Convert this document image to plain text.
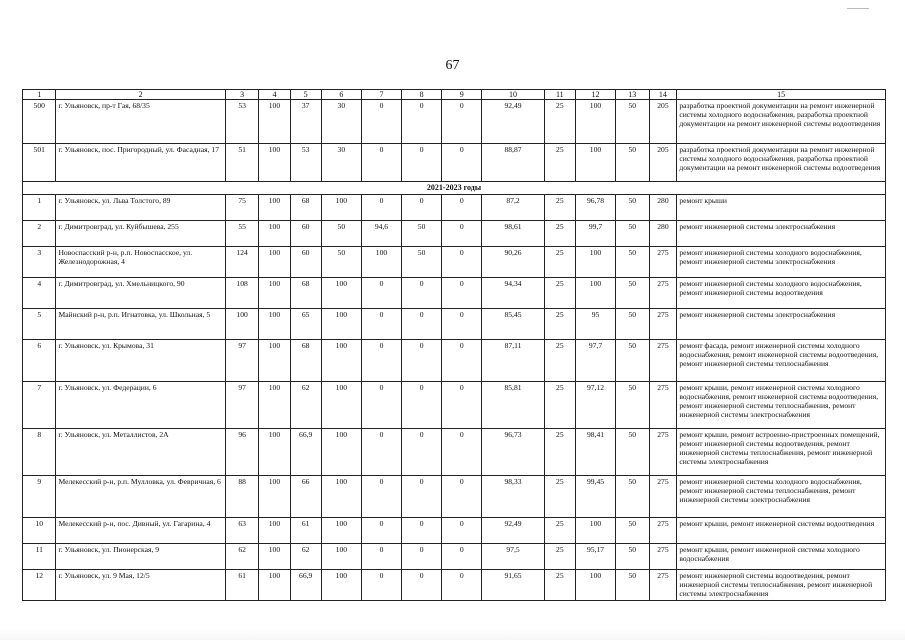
67
1	2	3	4	5	6	7	8	9	10	11	12	13	14	15
500	г. Ульяновск, пр-т Гая, 68/35	53	100	37	30	0	0	0	92,49	25	100	50	205	разработка проектной документации на ремонт инженерной системы холодного водоснабжения, разработка проектной документации на ремонт инженерной системы водоотведения
501	г. Ульяновск, пос. Пригородный, ул. Фасадная, 17	51	100	53	30	0	0	0	88,87	25	100	50	205	разработка проектной документации на ремонт инженерной системы холодного водоснабжения, разработка проектной документации на ремонт инженерной системы водоотведения
2021-2023 годы														
1	г. Ульяновск, ул. Льва Толстого, 89	75	100	68	100	0	0	0	87,2	25	96,78	50	280	ремонт крыши
2	г. Димитровград, ул. Куйбышева, 255	55	100	60	50	94,6	50	0	98,61	25	99,7	50	280	ремонт инженерной системы электроснабжения
3	Новоспасский р-н, р.п. Новоспасское, ул. Железнодорожная, 4	124	100	60	50	100	50	0	90,26	25	100	50	275	ремонт инженерной системы холодного водоснабжения, ремонт инженерной системы электроснабжения
4	г. Димитровград, ул. Хмельницкого, 90	108	100	68	100	0	0	0	94,34	25	100	50	275	ремонт инженерной системы холодного водоснабжения, ремонт инженерной системы водоотведения
5	Майнский р-н, р.п. Игнатовка, ул. Школьная, 5	100	100	65	100	0	0	0	85,45	25	95	50	275	ремонт инженерной системы электроснабжения
6	г. Ульяновск, ул. Крымова, 31	97	100	68	100	0	0	0	87,11	25	97,7	50	275	ремонт фасада, ремонт инженерной системы холодного водоснабжения, ремонт инженерной системы водоотведения, ремонт инженерной системы теплоснабжения
7	г. Ульяновск, ул. Федерации, 6	97	100	62	100	0	0	0	85,81	25	97,12	50	275	ремонт крыши, ремонт инженерной системы холодного водоснабжения, ремонт инженерной системы водоотведения, ремонт инженерной системы теплоснабжения, ремонт инженерной системы электроснабжения
8	г. Ульяновск, ул. Металлистов, 2А	96	100	66,9	100	0	0	0	96,73	25	98,41	50	275	ремонт крыши, ремонт встроенно-пристроенных помещений, ремонт инженерной системы водоотведения, ремонт инженерной системы теплоснабжения, ремонт инженерной системы электроснабжения
9	Мелекесский р-н, р.п. Мулловка, ул. Февричная, 6	88	100	66	100	0	0	0	98,33	25	99,45	50	275	ремонт инженерной системы холодного водоснабжения, ремонт инженерной системы теплоснабжения, ремонт инженерной системы электроснабжения
10	Мелекесский р-н, пос. Дивный, ул. Гагарина, 4	63	100	61	100	0	0	0	92,49	25	100	50	275	ремонт крыши, ремонт инженерной системы водоотведения
11	г. Ульяновск, ул. Пионерская, 9	62	100	62	100	0	0	0	97,5	25	95,17	50	275	ремонт крыши, ремонт инженерной системы холодного водоснабжения
12	г. Ульяновск, ул. 9 Мая, 12/5	61	100	66,9	100	0	0	0	91,65	25	100	50	275	ремонт инженерной системы водоотведения, ремонт инженерной системы теплоснабжения, ремонт инженерной системы электроснабжения
